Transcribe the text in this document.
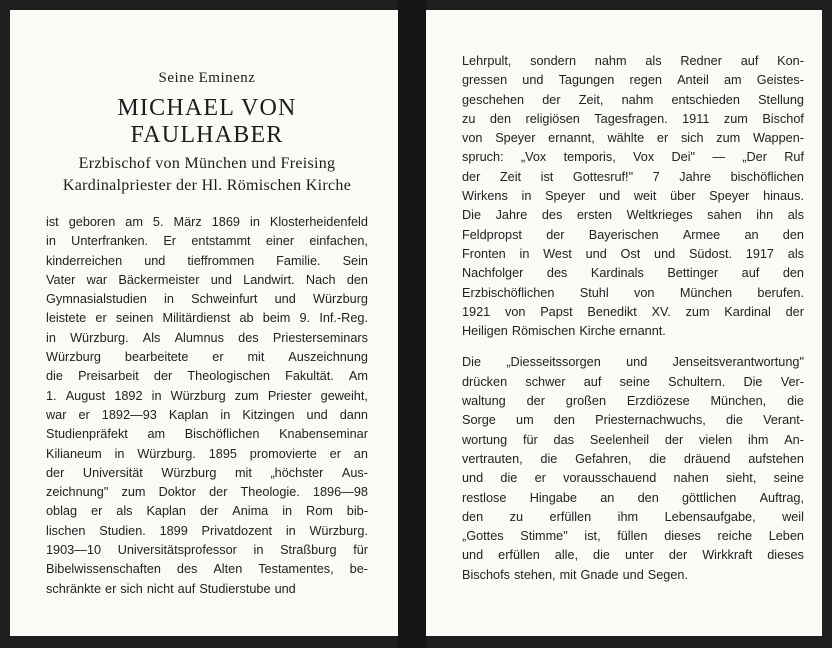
Seine Eminenz
MICHAEL VON FAULHABER
Erzbischof von München und Freising
Kardinalpriester der Hl. Römischen Kirche
ist geboren am 5. März 1869 in Klosterheidenfeld
in Unterfranken. Er entstammt einer einfachen,
kinderreichen und tieffrommen Familie. Sein
Vater war Bäckermeister und Landwirt. Nach den
Gymnasialstudien in Schweinfurt und Würzburg
leistete er seinen Militärdienst ab beim 9. Inf.-Reg.
in Würzburg. Als Alumnus des Priesterseminars
Würzburg bearbeitete er mit Auszeichnung
die Preisarbeit der Theologischen Fakultät. Am
1. August 1892 in Würzburg zum Priester geweiht,
war er 1892—93 Kaplan in Kitzingen und dann
Studienpräfekt am Bischöflichen Knabenseminar
Kilianeum in Würzburg. 1895 promovierte er an
der Universität Würzburg mit „höchster Aus-
zeichnung" zum Doktor der Theologie. 1896—98
oblag er als Kaplan der Anima in Rom bib-
lischen Studien. 1899 Privatdozent in Würzburg.
1903—10 Universitätsprofessor in Straßburg für
Bibelwissenschaften des Alten Testamentes, be-
schränkte er sich nicht auf Studierstube und
Lehrpult, sondern nahm als Redner auf Kon-
gressen und Tagungen regen Anteil am Geistes-
geschehen der Zeit, nahm entschieden Stellung
zu den religiösen Tagesfragen. 1911 zum Bischof
von Speyer ernannt, wählte er sich zum Wappen-
spruch: „Vox temporis, Vox Dei" — „Der Ruf
der Zeit ist Gottesruf!" 7 Jahre bischöflichen
Wirkens in Speyer und weit über Speyer hinaus.
Die Jahre des ersten Weltkrieges sahen ihn als
Feldpropst der Bayerischen Armee an den
Fronten in West und Ost und Südost. 1917 als
Nachfolger des Kardinals Bettinger auf den
Erzbischöflichen Stuhl von München berufen.
1921 von Papst Benedikt XV. zum Kardinal der
Heiligen Römischen Kirche ernannt.
Die „Diesseitssorgen und Jenseitsverantwortung"
drücken schwer auf seine Schultern. Die Ver-
waltung der großen Erzdiözese München, die
Sorge um den Priesternachwuchs, die Verant-
wortung für das Seelenheil der vielen ihm An-
vertrauten, die Gefahren, die dräuend aufstehen
und die er vorausschauend nahen sieht, seine
restlose Hingabe an den göttlichen Auftrag,
den zu erfüllen ihm Lebensaufgabe, weil
„Gottes Stimme" ist, füllen dieses reiche Leben
und erfüllen alle, die unter der Wirkkraft dieses
Bischofs stehen, mit Gnade und Segen.
